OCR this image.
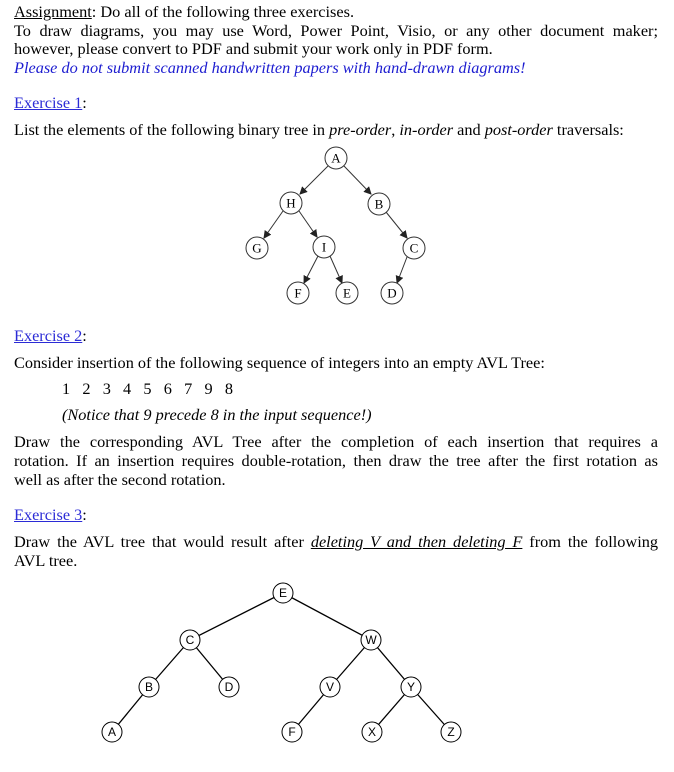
Assignment: Do all of the following three exercises.
To draw diagrams, you may use Word, Power Point, Visio, or any other document maker;
however, please convert to PDF and submit your work only in PDF form.
Please do not submit scanned handwritten papers with hand-drawn diagrams!
Exercise 1:
List the elements of the following binary tree in pre-order, in-order and post-order traversals:
A
H	B
G	I	C
F	E	D
E
C	W
B	D	V	Y
A	F	X	Z
Exercise 2:
Consider insertion of the following sequence of integers into an empty AVL Tree:
1   2   3   4   5   6   7   9   8
(Notice that 9 precede 8 in the input sequence!)
Draw the corresponding AVL Tree after the completion of each insertion that requires a
rotation. If an insertion requires double-rotation, then draw the tree after the first rotation as
well as after the second rotation.
Exercise 3:
Draw the AVL tree that would result after deleting V and then deleting F from the following
AVL tree.
